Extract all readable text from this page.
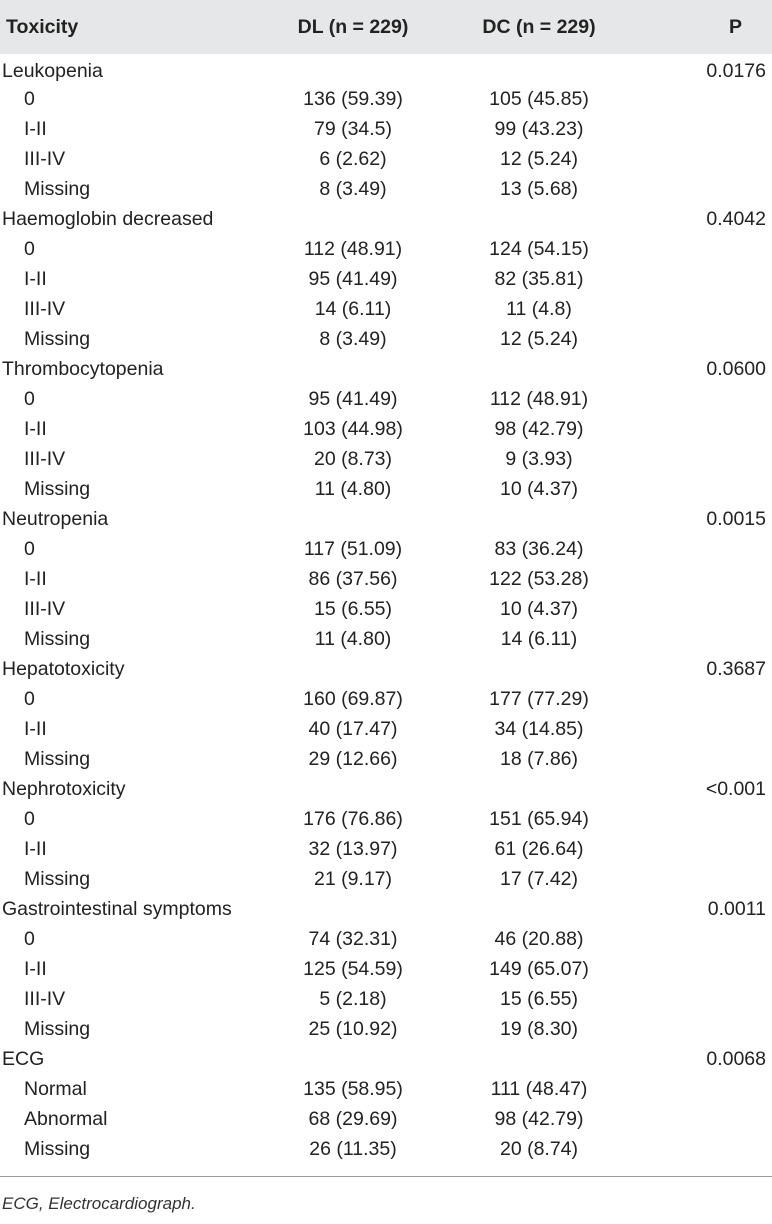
Toxicity	DL (n = 229)	DC (n = 229)	P
Leukopenia			0.0176
0	136 (59.39)	105 (45.85)	
I-II	79 (34.5)	99 (43.23)	
III-IV	6 (2.62)	12 (5.24)	
Missing	8 (3.49)	13 (5.68)	
Haemoglobin decreased			0.4042
0	112 (48.91)	124 (54.15)	
I-II	95 (41.49)	82 (35.81)	
III-IV	14 (6.11)	11 (4.8)	
Missing	8 (3.49)	12 (5.24)	
Thrombocytopenia			0.0600
0	95 (41.49)	112 (48.91)	
I-II	103 (44.98)	98 (42.79)	
III-IV	20 (8.73)	9 (3.93)	
Missing	11 (4.80)	10 (4.37)	
Neutropenia			0.0015
0	117 (51.09)	83 (36.24)	
I-II	86 (37.56)	122 (53.28)	
III-IV	15 (6.55)	10 (4.37)	
Missing	11 (4.80)	14 (6.11)	
Hepatotoxicity			0.3687
0	160 (69.87)	177 (77.29)	
I-II	40 (17.47)	34 (14.85)	
Missing	29 (12.66)	18 (7.86)	
Nephrotoxicity			<0.001
0	176 (76.86)	151 (65.94)	
I-II	32 (13.97)	61 (26.64)	
Missing	21 (9.17)	17 (7.42)	
Gastrointestinal symptoms			0.0011
0	74 (32.31)	46 (20.88)	
I-II	125 (54.59)	149 (65.07)	
III-IV	5 (2.18)	15 (6.55)	
Missing	25 (10.92)	19 (8.30)	
ECG			0.0068
Normal	135 (58.95)	111 (48.47)	
Abnormal	68 (29.69)	98 (42.79)	
Missing	26 (11.35)	20 (8.74)	
ECG, Electrocardiograph.
